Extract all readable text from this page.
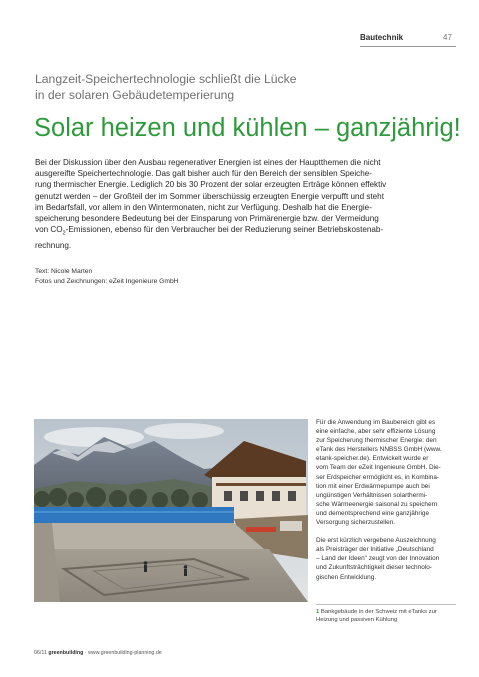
Bautechnik	47
Langzeit-Speichertechnologie schließt die Lücke
in der solaren Gebäudetemperierung
Solar heizen und kühlen – ganzjährig!
Bei der Diskussion über den Ausbau regenerativer Energien ist eines der Hauptthemen die nicht
ausgereifte Speichertechnologie. Das galt bisher auch für den Bereich der sensiblen Speiche-
rung thermischer Energie. Lediglich 20 bis 30 Prozent der solar erzeugten Erträge können effektiv
genutzt werden – der Großteil der im Sommer überschüssig erzeugten Energie verpufft und steht
im Bedarfsfall, vor allem in den Wintermonaten, nicht zur Verfügung. Deshalb hat die Energie-
speicherung besondere Bedeutung bei der Einsparung von Primärenergie bzw. der Vermeidung
von $CO_2$-Emissionen, ebenso für den Verbraucher bei der Reduzierung seiner Betriebskostenab-
rechnung.
Text: Nicole Marten
Fotos und Zeichnungen: eZeit Ingenieure GmbH
Für die Anwendung im Baubereich gibt es
eine einfache, aber sehr effiziente Lösung
zur Speicherung thermischer Energie: den
eTank des Herstellers NNBSS GmbH (www.
etank-speicher.de). Entwickelt wurde er
vom Team der eZeit Ingenieure GmbH. Die-
ser Erdspeicher ermöglicht es, in Kombina-
tion mit einer Erdwärmepumpe auch bei
ungünstigen Verhältnissen solarthermi-
sche Wärmeenergie saisonal zu speichern
und dementsprechend eine ganzjährige
Versorgung sicherzustellen.
Die erst kürzlich vergebene Auszeichnung
als Preisträger der Initiative „Deutschland
– Land der Ideen" zeugt von der Innovation
und Zukunftsträchtigkeit dieser technolo-
gischen Entwicklung.
1 Bankgebäude in der Schweiz mit eTanks zur
Heizung und passiven Kühlung
06/11 greenbuilding · www.greenbuilding-planning.de
